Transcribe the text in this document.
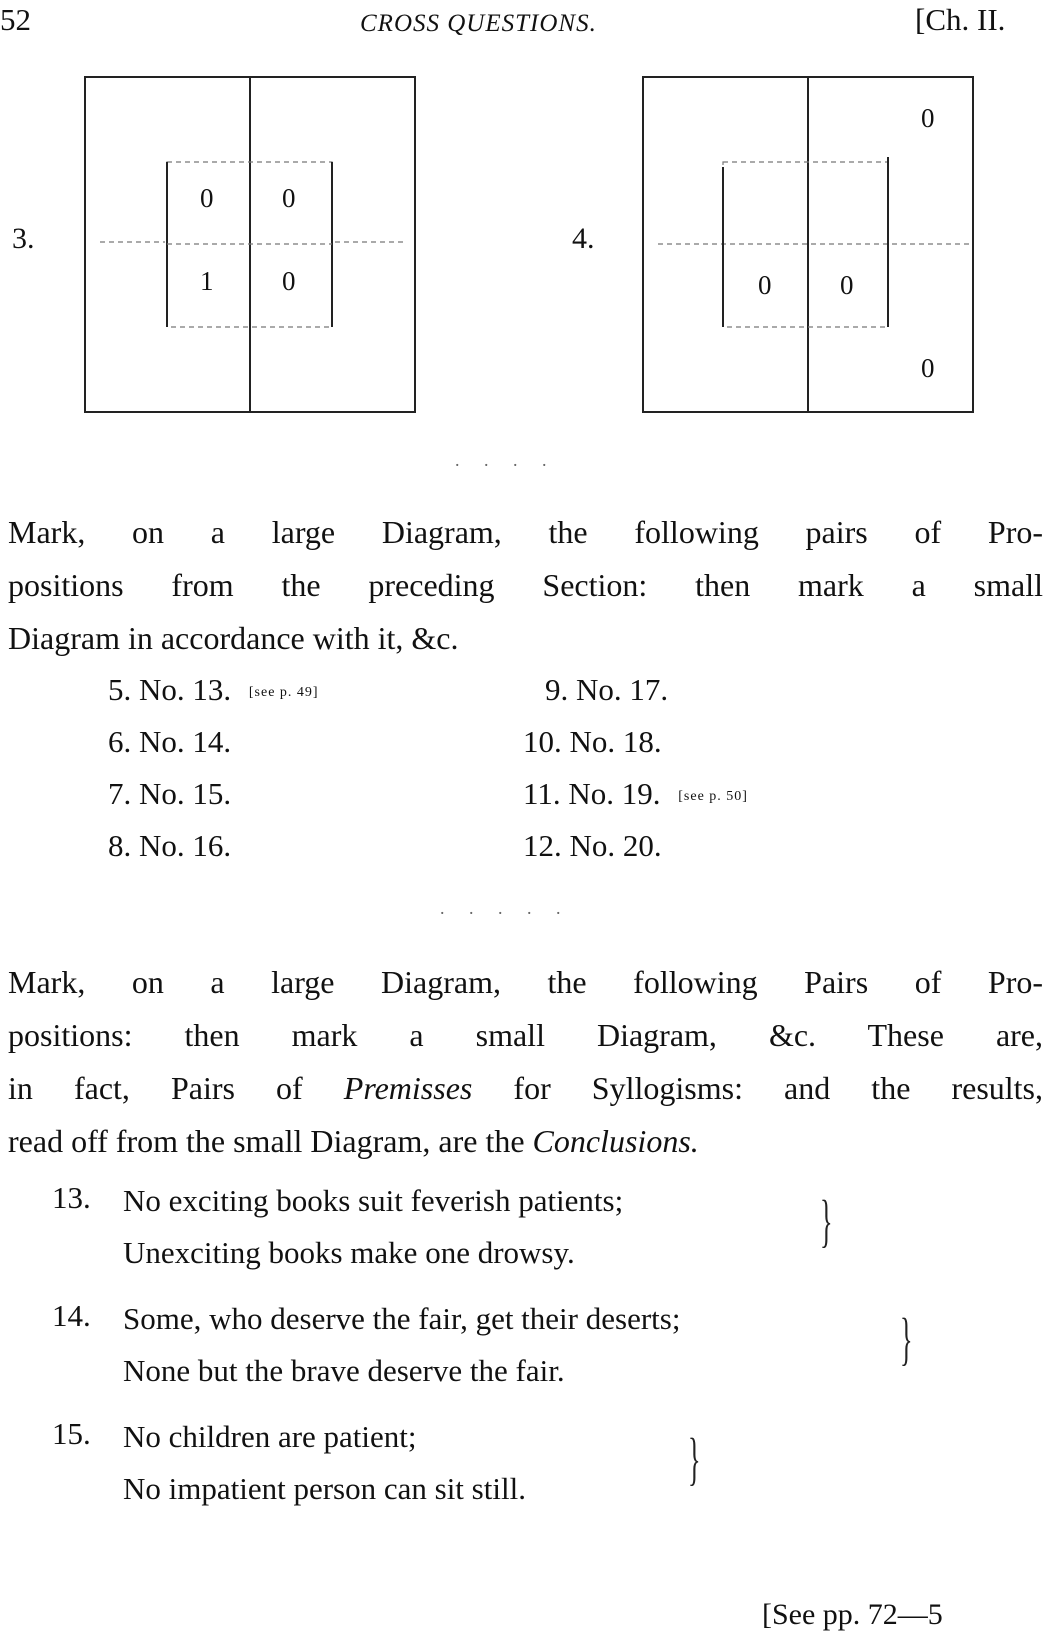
52	CROSS QUESTIONS.	[Ch. II.
3.
0	0
1	0
4.
0
0	0
0
. . . .
Mark, on a large Diagram, the following pairs of Pro-
positions from the preceding Section: then mark a small
Diagram in accordance with it, &c.
5. No. 13. [see p. 49]
6. No. 14.
7. No. 15.
8. No. 16.
9. No. 17.
10. No. 18.
11. No. 19. [see p. 50]
12. No. 20.
. . . . .
Mark, on a large Diagram, the following Pairs of Pro-
positions: then mark a small Diagram, &c. These are,
in fact, Pairs of Premisses for Syllogisms: and the results,
read off from the small Diagram, are the Conclusions.
13. No exciting books suit feverish patients;
Unexciting books make one drowsy.	}
14. Some, who deserve the fair, get their deserts;
None but the brave deserve the fair.	}
15. No children are patient;
No impatient person can sit still.	}
[See pp. 72—5
